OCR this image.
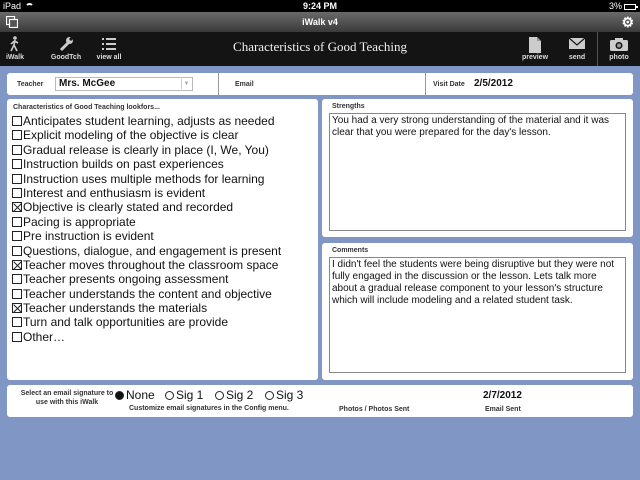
iPad	9:24 PM	3%
iWalk v4	⚙
iWalk	GoodTch	view all
Characteristics of Good Teaching
preview	send	photo
Teacher Mrs. McGee	▼	Email	Visit Date 2/5/2012
Characteristics of Good Teaching lookfors...
Anticipates student learning, adjusts as needed
Explicit modeling of the objective is clear
Gradual release is clearly in place (I, We, You)
Instruction builds on past experiences
Instruction uses multiple methods for learning
Interest and enthusiasm is evident
Objective is clearly stated and recorded
Pacing is appropriate
Pre instruction is evident
Questions, dialogue, and engagement is present
Teacher moves throughout the classroom space
Teacher presents ongoing assessment
Teacher understands the content and objective
Teacher understands the materials
Turn and talk opportunities are provide
Other…
Strengths
You had a very strong understanding of the material and it was clear that you were prepared for the day's lesson.
Comments
I didn't feel the students were being disruptive but they were not fully engaged in the discussion or the lesson. Lets talk more about a gradual release component to your lesson's structure which will include modeling and a related student task.
Select an email signature to use with this iWalk
None	Sig 1	Sig 2	Sig 3
Customize email signatures in the Config menu.	Photos / Photos Sent
2/7/2012
Email Sent
